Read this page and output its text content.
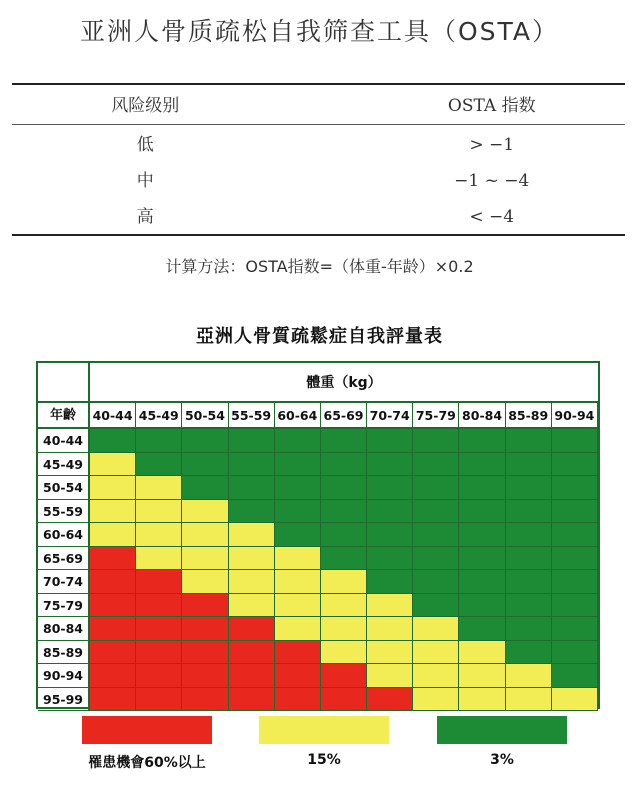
亚洲人骨质疏松自我筛查工具（OSTA）
风险级别	OSTA 指数
低	> −1
中	−1 ~ −4
高	< −4
计算方法：OSTA指数=（体重-年龄）×0.2
亞洲人骨質疏鬆症自我評量表
體重（kg）
年齡	40-44 45-49 50-54 55-59 60-64 65-69 70-74 75-79 80-84 85-89 90-94
40-44
45-49
50-54
55-59
60-64
65-69
70-74
75-79
80-84
85-89
90-94
95-99
罹患機會60%以上	15%	3%
